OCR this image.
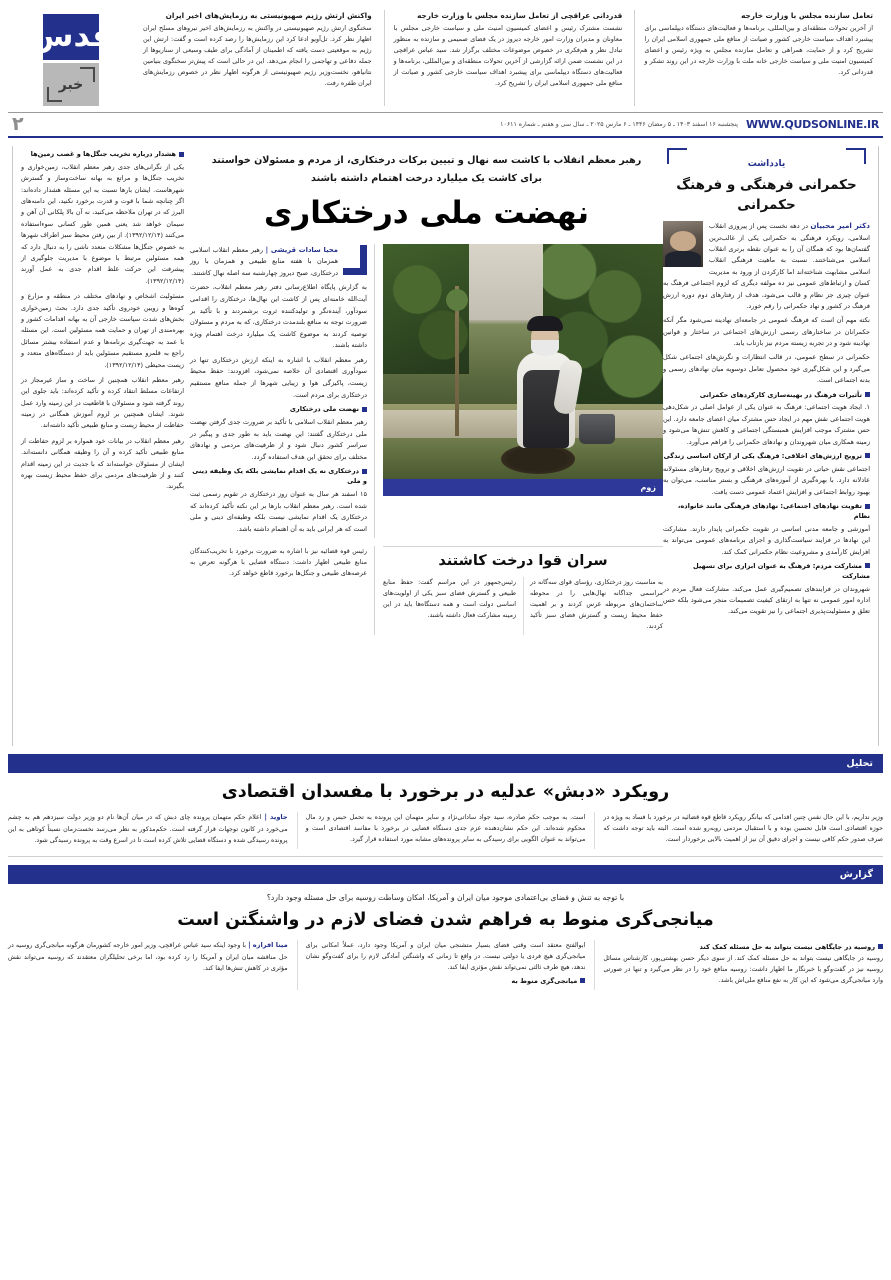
تعامل سازنده مجلس با وزارت خارجه
از آخرین تحولات منطقه‌ای و بین‌المللی، برنامه‌ها و فعالیت‌های دستگاه دیپلماسی برای پیشبرد اهداف سیاست خارجی کشور و صیانت از منافع ملی جمهوری اسلامی ایران را تشریح کرد و از حمایت، همراهی و تعامل سازنده مجلس به ویژه رئیس و اعضای کمیسیون امنیت ملی و سیاست خارجی خانه ملت با وزارت خارجه در این روند تشکر و قدردانی کرد.
قدردانی عراقچی از تعامل سازنده مجلس با وزارت خارجه
نشست مشترک رئیس و اعضای کمیسیون امنیت ملی و سیاست خارجی مجلس با معاونان و مدیران وزارت امور خارجه دیروز در یک فضای صمیمی و سازنده به منظور تبادل نظر و هم‌فکری در خصوص موضوعات مختلف برگزار شد. سید عباس عراقچی در این نشست ضمن ارائه گزارشی از آخرین تحولات منطقه‌ای و بین‌المللی، برنامه‌ها و فعالیت‌های دستگاه دیپلماسی برای پیشبرد اهداف سیاست خارجی کشور و صیانت از منافع ملی جمهوری اسلامی ایران را تشریح کرد.
واکنش ارتش رژیم صهیونیستی به رزمایش‌های اخیر ایران
سخنگوی ارتش رژیم صهیونیستی در واکنش به رزمایش‌های اخیر نیروهای مسلح ایران اظهار نظر کرد. تل‌آویو ادعا کرد این رزمایش‌ها را رصد کرده است و گفت: ارتش این رژیم به موقعیتی دست یافته که اطمینان از آمادگی برای طیف وسیعی از سناریوها از جمله دفاعی و تهاجمی را انجام می‌دهد. این در حالی است که پیش‌تر سخنگوی بنیامین نتانیاهو، نخست‌وزیر رژیم صهیونیستی از هرگونه اظهار نظر در خصوص رزمایش‌های ایران طفره رفت.
قدس
خبر
WWW.QUDSONLINE.IR
پنجشنبه ۱۶ اسفند ۱۴۰۳ ـ ۵ رمضان ۱۴۴۶ ـ ۶ مارس ۲۰۲۵ ـ سال سی و هفتم ـ شماره ۱۰۶۱۱
۲
یادداشت
حکمرانی فرهنگی و فرهنگ حکمرانی

دکتر امیر محبیان در دهه نخست پس از پیروزی انقلاب اسلامی، رویکرد فرهنگی به حکمرانی یکی از غالب‌ترین گفتمان‌ها بود که همگان آن را به عنوان نقطه برتری انقلاب اسلامی می‌شناختند. نسبت به ماهیت فرهنگی انقلاب اسلامی مشابهت شناخته‌اند اما کارکردن از ورود به مدیریت کسان و ارتباط‌های عمومی نیز ده مولفه دیگری که لزوم اجتماعی فرهنگ به عنوان چیزی جز نظام و قالب می‌شود، هدف از رفتارهای دوم دوره ارزش فرهنگ در کشور و نهاد حکمرانی را رقم خورد.

نکته مهم آن است که فرهنگ عمومی در جامعه‌ای نهادینه نمی‌شود مگر آنکه حکمرانان در ساختارهای رسمی ارزش‌های اجتماعی در ساختار و قوانین نهادینه شود و در تجربه زیسته مردم نیز بازتاب یابد.

حکمرانی در سطح عمومی، در قالب انتظارات و نگرش‌های اجتماعی شکل می‌گیرد و این شکل‌گیری خود محصول تعامل دوسویه میان نهادهای رسمی و بدنه اجتماعی است.

تأثیرات فرهنگ در بهینه‌سازی کارکردهای حکمرانی

۱. ایجاد هویت اجتماعی: فرهنگ به عنوان یکی از عوامل اصلی در شکل‌دهی هویت اجتماعی نقش مهم در ایجاد حس مشترک میان اعضای جامعه دارد. این حس مشترک موجب افزایش همبستگی اجتماعی و کاهش تنش‌ها می‌شود و زمینه همکاری میان شهروندان و نهادهای حکمرانی را فراهم می‌آورد.

ترویج ارزش‌های اخلاقی: فرهنگ یکی از ارکان اساسی زندگی

اجتماعی نقش حیاتی در تقویت ارزش‌های اخلاقی و ترویج رفتارهای مسئولانه عادلانه دارد. با بهره‌گیری از آموزه‌های فرهنگی و بستر مناسب، می‌توان به بهبود روابط اجتماعی و افزایش اعتماد عمومی دست یافت.

تقویت نهادهای اجتماعی: نهادهای فرهنگی مانند خانواده، نظام

آموزشی و جامعه مدنی اساسی در تقویت حکمرانی پایدار دارند. مشارکت این نهادها در فرایند سیاست‌گذاری و اجرای برنامه‌های عمومی می‌تواند به افزایش کارآمدی و مشروعیت نظام حکمرانی کمک کند.

مشارکت مردم: فرهنگ به عنوان ابزاری برای تسهیل مشارکت

شهروندان در فرایندهای تصمیم‌گیری عمل می‌کند. مشارکت فعال مردم در اداره امور عمومی نه تنها به ارتقای کیفیت تصمیمات منجر می‌شود بلکه حس تعلق و مسئولیت‌پذیری اجتماعی را نیز تقویت می‌کند.

رهبر معظم انقلاب با کاشت سه نهال و تبیین برکات درختکاری، از مردم و مسئولان خواستند برای کاشت یک میلیارد درخت اهتمام داشته باشند
نهضت ملی درختکاری
زوم

محیا سادات قریشی | رهبر معظم انقلاب اسلامی همزمان با هفته منابع طبیعی و همزمان با روز درختکاری، صبح دیروز چهارشنبه سه اصله نهال کاشتند.

به گزارش پایگاه اطلاع‌رسانی دفتر رهبر معظم انقلاب، حضرت آیت‌الله خامنه‌ای پس از کاشت این نهال‌ها، درختکاری را اقدامی سودآور، آینده‌نگر و تولیدکننده ثروت برشمردند و با تأکید بر ضرورت توجه به منافع بلندمدت درختکاری، که به مردم و مسئولان توصیه کردند به موضوع کاشت یک میلیارد درخت اهتمام ویژه داشته باشند.

رهبر معظم انقلاب با اشاره به اینکه ارزش درختکاری تنها در سودآوری اقتصادی آن خلاصه نمی‌شود، افزودند: حفظ محیط زیست، پاکیزگی هوا و زیبایی شهرها از جمله منافع مستقیم درختکاری برای مردم است.

نهضت ملی درختکاری

رهبر معظم انقلاب اسلامی با تأکید بر ضرورت جدی گرفتن نهضت ملی درختکاری گفتند: این نهضت باید به طور جدی و پیگیر در سراسر کشور دنبال شود و از ظرفیت‌های مردمی و نهادهای مختلف برای تحقق این هدف استفاده گردد.

درختکاری نه یک اقدام نمایشی بلکه یک وظیفه دینی و ملی

۱۵ اسفند هر سال به عنوان روز درختکاری در تقویم رسمی ثبت شده است. رهبر معظم انقلاب بارها بر این نکته تأکید کرده‌اند که درختکاری یک اقدام نمایشی نیست بلکه وظیفه‌ای دینی و ملی است که هر ایرانی باید به آن اهتمام داشته باشد.

سران قوا درخت کاشتند

به مناسبت روز درختکاری، رؤسای قوای سه‌گانه در مراسمی جداگانه نهال‌هایی را در محوطه ساختمان‌های مربوطه غرس کردند و بر اهمیت حفظ محیط زیست و گسترش فضای سبز تأکید کردند.

رئیس‌جمهور در این مراسم گفت: حفظ منابع طبیعی و گسترش فضای سبز یکی از اولویت‌های اساسی دولت است و همه دستگاه‌ها باید در این زمینه مشارکت فعال داشته باشند.

رئیس قوه قضائیه نیز با اشاره به ضرورت برخورد با تخریب‌کنندگان منابع طبیعی اظهار داشت: دستگاه قضایی با هرگونه تعرض به عرصه‌های طبیعی و جنگل‌ها برخورد قاطع خواهد کرد.

هشدار درباره تخریب جنگل‌ها و غصب زمین‌ها

یکی از نگرانی‌های جدی رهبر معظم انقلاب، زمین‌خواری و تخریب جنگل‌ها و مراتع به بهانه ساخت‌وساز و گسترش شهرهاست. ایشان بارها نسبت به این مسئله هشدار داده‌اند: اگر چنانچه شما با قوت و قدرت برخورد نکنید، این دامنه‌های البرز که در تهران ملاحظه می‌کنید، نه آن بالا پلکانی آن آهن و سیمان خواهد شد یعنی همین طور کسانی سوء‌استفاده می‌کنند (۱۳۹۲/۱۲/۱۴). از بین رفتن محیط سبز اطراف شهرها به خصوص جنگل‌ها مشکلات متعدد ناشی را به دنبال دارد که همه مسئولین مرتبط با موضوع با مدیریت جلوگیری از پیشرفت این حرکت غلط اقدام جدی به عمل آورند (۱۳۹۲/۱۲/۱۴).

مسئولیت اشخاص و نهادهای مختلف در منطقه و مزارع و کوه‌ها و رویین خودروی تأکید جدی دارد. بحث زمین‌خواری بخش‌های شدت سیاست خارجی آن به بهانه اقدامات کشور و بهره‌مندی از تهران و حمایت همه مسئولین است. این مسئله با عمد به جهت‌گیری برنامه‌ها و عدم استفاده بیشتر مسائل راجع به قلمرو مستقیم مسئولین باید از دستگاه‌های متعدد و زیست محیطی (۱۳۹۲/۱۲/۱۴).

رهبر معظم انقلاب همچنین از ساخت و ساز غیرمجاز در ارتفاعات مسلط انتقاد کرده و تأکید کرده‌اند: باید جلوی این روند گرفته شود و مسئولان با قاطعیت در این زمینه وارد عمل شوند. ایشان همچنین بر لزوم آموزش همگانی در زمینه حفاظت از محیط زیست و منابع طبیعی تأکید داشته‌اند.

رهبر معظم انقلاب در بیانات خود همواره بر لزوم حفاظت از منابع طبیعی تأکید کرده و آن را وظیفه همگانی دانسته‌اند. ایشان از مسئولان خواسته‌اند که با جدیت در این زمینه اقدام کنند و از ظرفیت‌های مردمی برای حفظ محیط زیست بهره بگیرند.

تحلیل
رویکرد «دبش» عدلیه در برخورد با مفسدان اقتصادی

وزیر نداریم، با این حال نفس چنین اقدامی که بیانگر رویکرد قاطع قوه قضائیه در برخورد با فساد به ویژه در حوزه اقتصادی است قابل تحسین بوده و با استقبال مردمی روبه‌رو شده است. البته باید توجه داشت که صرف صدور حکم کافی نیست و اجرای دقیق آن نیز از اهمیت بالایی برخوردار است.

است. به موجب حکم صادره، سید جواد ساداتی‌نژاد و سایر متهمان این پرونده به تحمل حبس و رد مال محکوم شده‌اند. این حکم نشان‌دهنده عزم جدی دستگاه قضایی در برخورد با مفاسد اقتصادی است و می‌تواند به عنوان الگویی برای رسیدگی به سایر پرونده‌های مشابه مورد استفاده قرار گیرد.

جاوید | اعلام حکم متهمان پرونده چای دبش که در میان آن‌ها نام دو وزیر دولت سیزدهم هم به چشم می‌خورد در کانون توجهات قرار گرفته است. حکم‌مذکور به نظر می‌رسد نخست‌زمان نسبتاً کوتاهی به این پرونده رسیدگی شده و دستگاه قضایی تلاش کرده است تا در اسرع وقت به پرونده رسیدگی شود.

گزارش
با توجه به تنش و فضای بی‌اعتمادی موجود میان ایران و آمریکا، امکان وساطت روسیه برای حل مسئله وجود دارد؟
میانجی‌گری منوط به فراهم شدن فضای لازم در واشنگتن است
روسیه در جایگاهی نیست بتواند به حل مسئله کمک کند

روسیه در جایگاهی نیست بتواند به حل مسئله کمک کند. از سوی دیگر حسن بهشتی‌پور، کارشناس مسائل روسیه نیز در گفت‌وگو با خبرنگار ما اظهار داشت: روسیه منافع خود را در نظر می‌گیرد و تنها در صورتی وارد میانجی‌گری می‌شود که این کار به نفع منافع ملی‌اش باشد.

ابوالفتح معتقد است وقتی فضای بسیار متشنجی میان ایران و آمریکا وجود دارد، عملاً امکانی برای میانجی‌گری هیچ فردی یا دولتی نیست. در واقع تا زمانی که واشنگتن آمادگی لازم را برای گفت‌وگو نشان ندهد، هیچ طرف ثالثی نمی‌تواند نقش مؤثری ایفا کند.

میانجی‌گری منوط به

مینا افرازه | با وجود اینکه سید عباس عراقچی، وزیر امور خارجه کشورمان هرگونه میانجی‌گری روسیه در حل مناقشه میان ایران و آمریکا را رد کرده بود، اما برخی تحلیلگران معتقدند که روسیه می‌تواند نقش مؤثری در کاهش تنش‌ها ایفا کند.
